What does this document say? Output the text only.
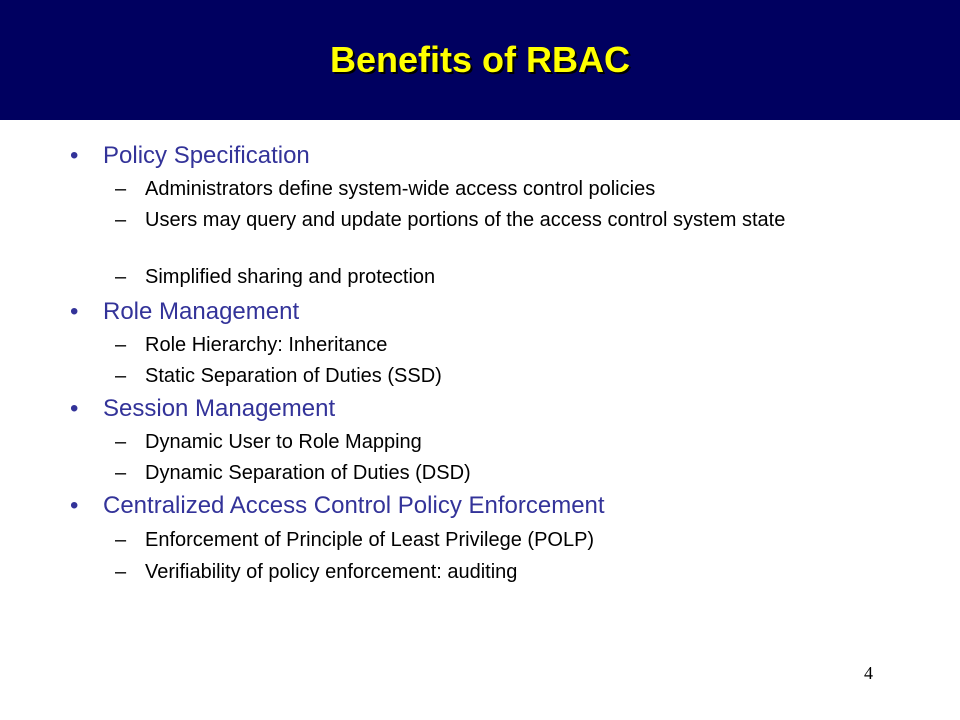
Benefits of RBAC
• Policy Specification
– Administrators define system-wide access control policies
– Users may query and update portions of the access control system state
– Simplified sharing and protection
• Role Management
– Role Hierarchy: Inheritance
– Static Separation of Duties (SSD)
• Session Management
– Dynamic User to Role Mapping
– Dynamic Separation of Duties (DSD)
• Centralized Access Control Policy Enforcement
– Enforcement of Principle of Least Privilege (POLP)
– Verifiability of policy enforcement: auditing
4
